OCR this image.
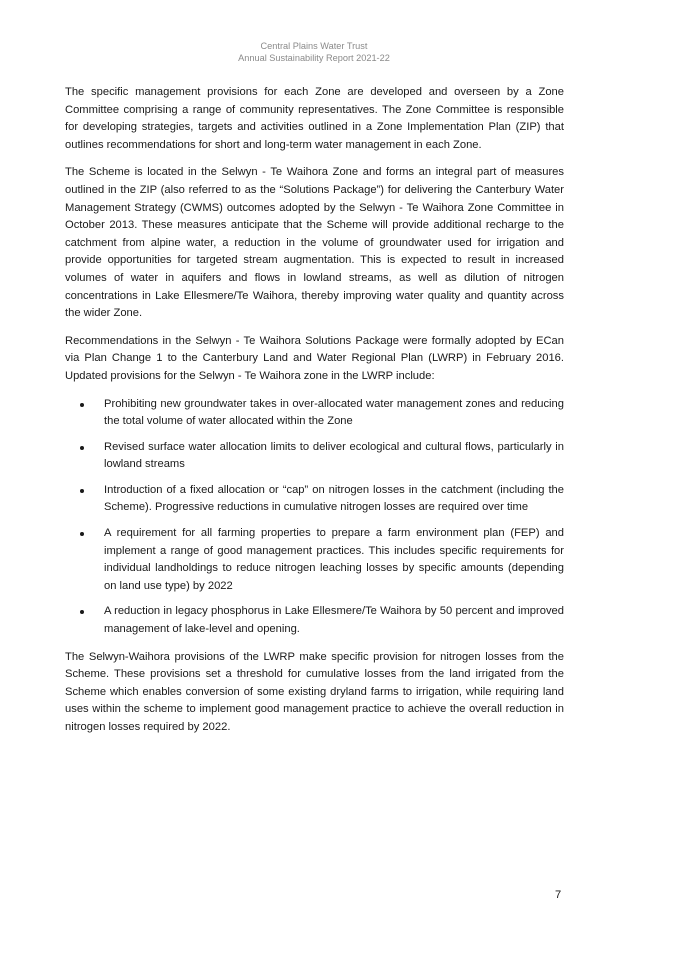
Central Plains Water Trust
Annual Sustainability Report 2021-22

The specific management provisions for each Zone are developed and overseen by a Zone Committee comprising a range of community representatives. The Zone Committee is responsible for developing strategies, targets and activities outlined in a Zone Implementation Plan (ZIP) that outlines recommendations for short and long-term water management in each Zone.

The Scheme is located in the Selwyn - Te Waihora Zone and forms an integral part of measures outlined in the ZIP (also referred to as the “Solutions Package”) for delivering the Canterbury Water Management Strategy (CWMS) outcomes adopted by the Selwyn - Te Waihora Zone Committee in October 2013. These measures anticipate that the Scheme will provide additional recharge to the catchment from alpine water, a reduction in the volume of groundwater used for irrigation and provide opportunities for targeted stream augmentation. This is expected to result in increased volumes of water in aquifers and flows in lowland streams, as well as dilution of nitrogen concentrations in Lake Ellesmere/Te Waihora, thereby improving water quality and quantity across the wider Zone.

Recommendations in the Selwyn - Te Waihora Solutions Package were formally adopted by ECan via Plan Change 1 to the Canterbury Land and Water Regional Plan (LWRP) in February 2016. Updated provisions for the Selwyn - Te Waihora zone in the LWRP include:

Prohibiting new groundwater takes in over-allocated water management zones and reducing the total volume of water allocated within the Zone
Revised surface water allocation limits to deliver ecological and cultural flows, particularly in lowland streams
Introduction of a fixed allocation or “cap” on nitrogen losses in the catchment (including the Scheme). Progressive reductions in cumulative nitrogen losses are required over time
A requirement for all farming properties to prepare a farm environment plan (FEP) and implement a range of good management practices. This includes specific requirements for individual landholdings to reduce nitrogen leaching losses by specific amounts (depending on land use type) by 2022
A reduction in legacy phosphorus in Lake Ellesmere/Te Waihora by 50 percent and improved management of lake-level and opening.

The Selwyn-Waihora provisions of the LWRP make specific provision for nitrogen losses from the Scheme. These provisions set a threshold for cumulative losses from the land irrigated from the Scheme which enables conversion of some existing dryland farms to irrigation, while requiring land uses within the scheme to implement good management practice to achieve the overall reduction in nitrogen losses required by 2022.

7
